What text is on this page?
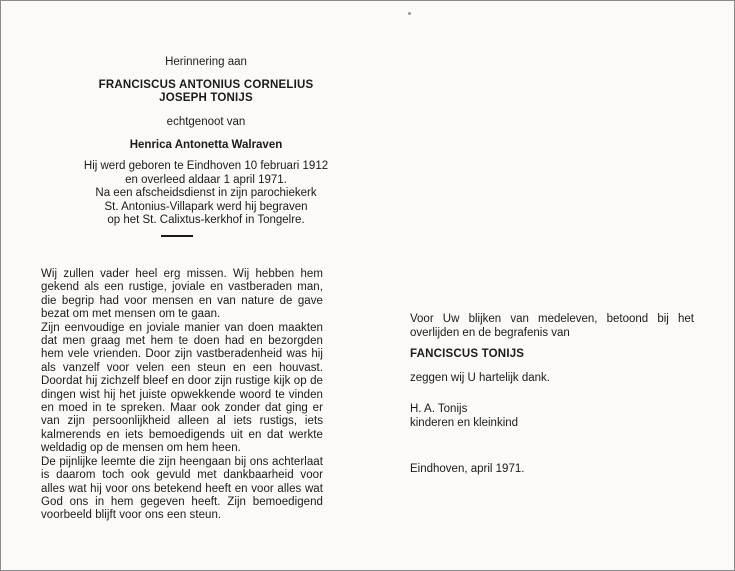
Herinnering aan
FRANCISCUS ANTONIUS CORNELIUS
JOSEPH TONIJS
echtgenoot van
Henrica Antonetta Walraven
Hij werd geboren te Eindhoven 10 februari 1912
en overleed aldaar 1 april 1971.
Na een afscheidsdienst in zijn parochiekerk
St. Antonius-Villapark werd hij begraven
op het St. Calixtus-kerkhof in Tongelre.

Wij zullen vader heel erg missen. Wij hebben hem gekend als een rustige, joviale en vastberaden man, die begrip had voor mensen en van nature de gave bezat om met mensen om te gaan.

Zijn eenvoudige en joviale manier van doen maakten dat men graag met hem te doen had en bezorgden hem vele vrienden. Door zijn vastberadenheid was hij als vanzelf voor velen een steun en een houvast. Doordat hij zichzelf bleef en door zijn rustige kijk op de dingen wist hij het juiste opwekkende woord te vinden en moed in te spreken. Maar ook zonder dat ging er van zijn persoonlijkheid alleen al iets rustigs, iets kalmerends en iets bemoedigends uit en dat werkte weldadig op de mensen om hem heen.

De pijnlijke leemte die zijn heengaan bij ons achterlaat is daarom toch ook gevuld met dankbaarheid voor alles wat hij voor ons betekend heeft en voor alles wat God ons in hem gegeven heeft. Zijn bemoedigend voorbeeld blijft voor ons een steun.

Voor Uw blijken van medeleven, betoond bij het overlijden en de begrafenis van
FANCISCUS TONIJS
zeggen wij U hartelijk dank.
H. A. Tonijs
kinderen en kleinkind
Eindhoven, april 1971.
